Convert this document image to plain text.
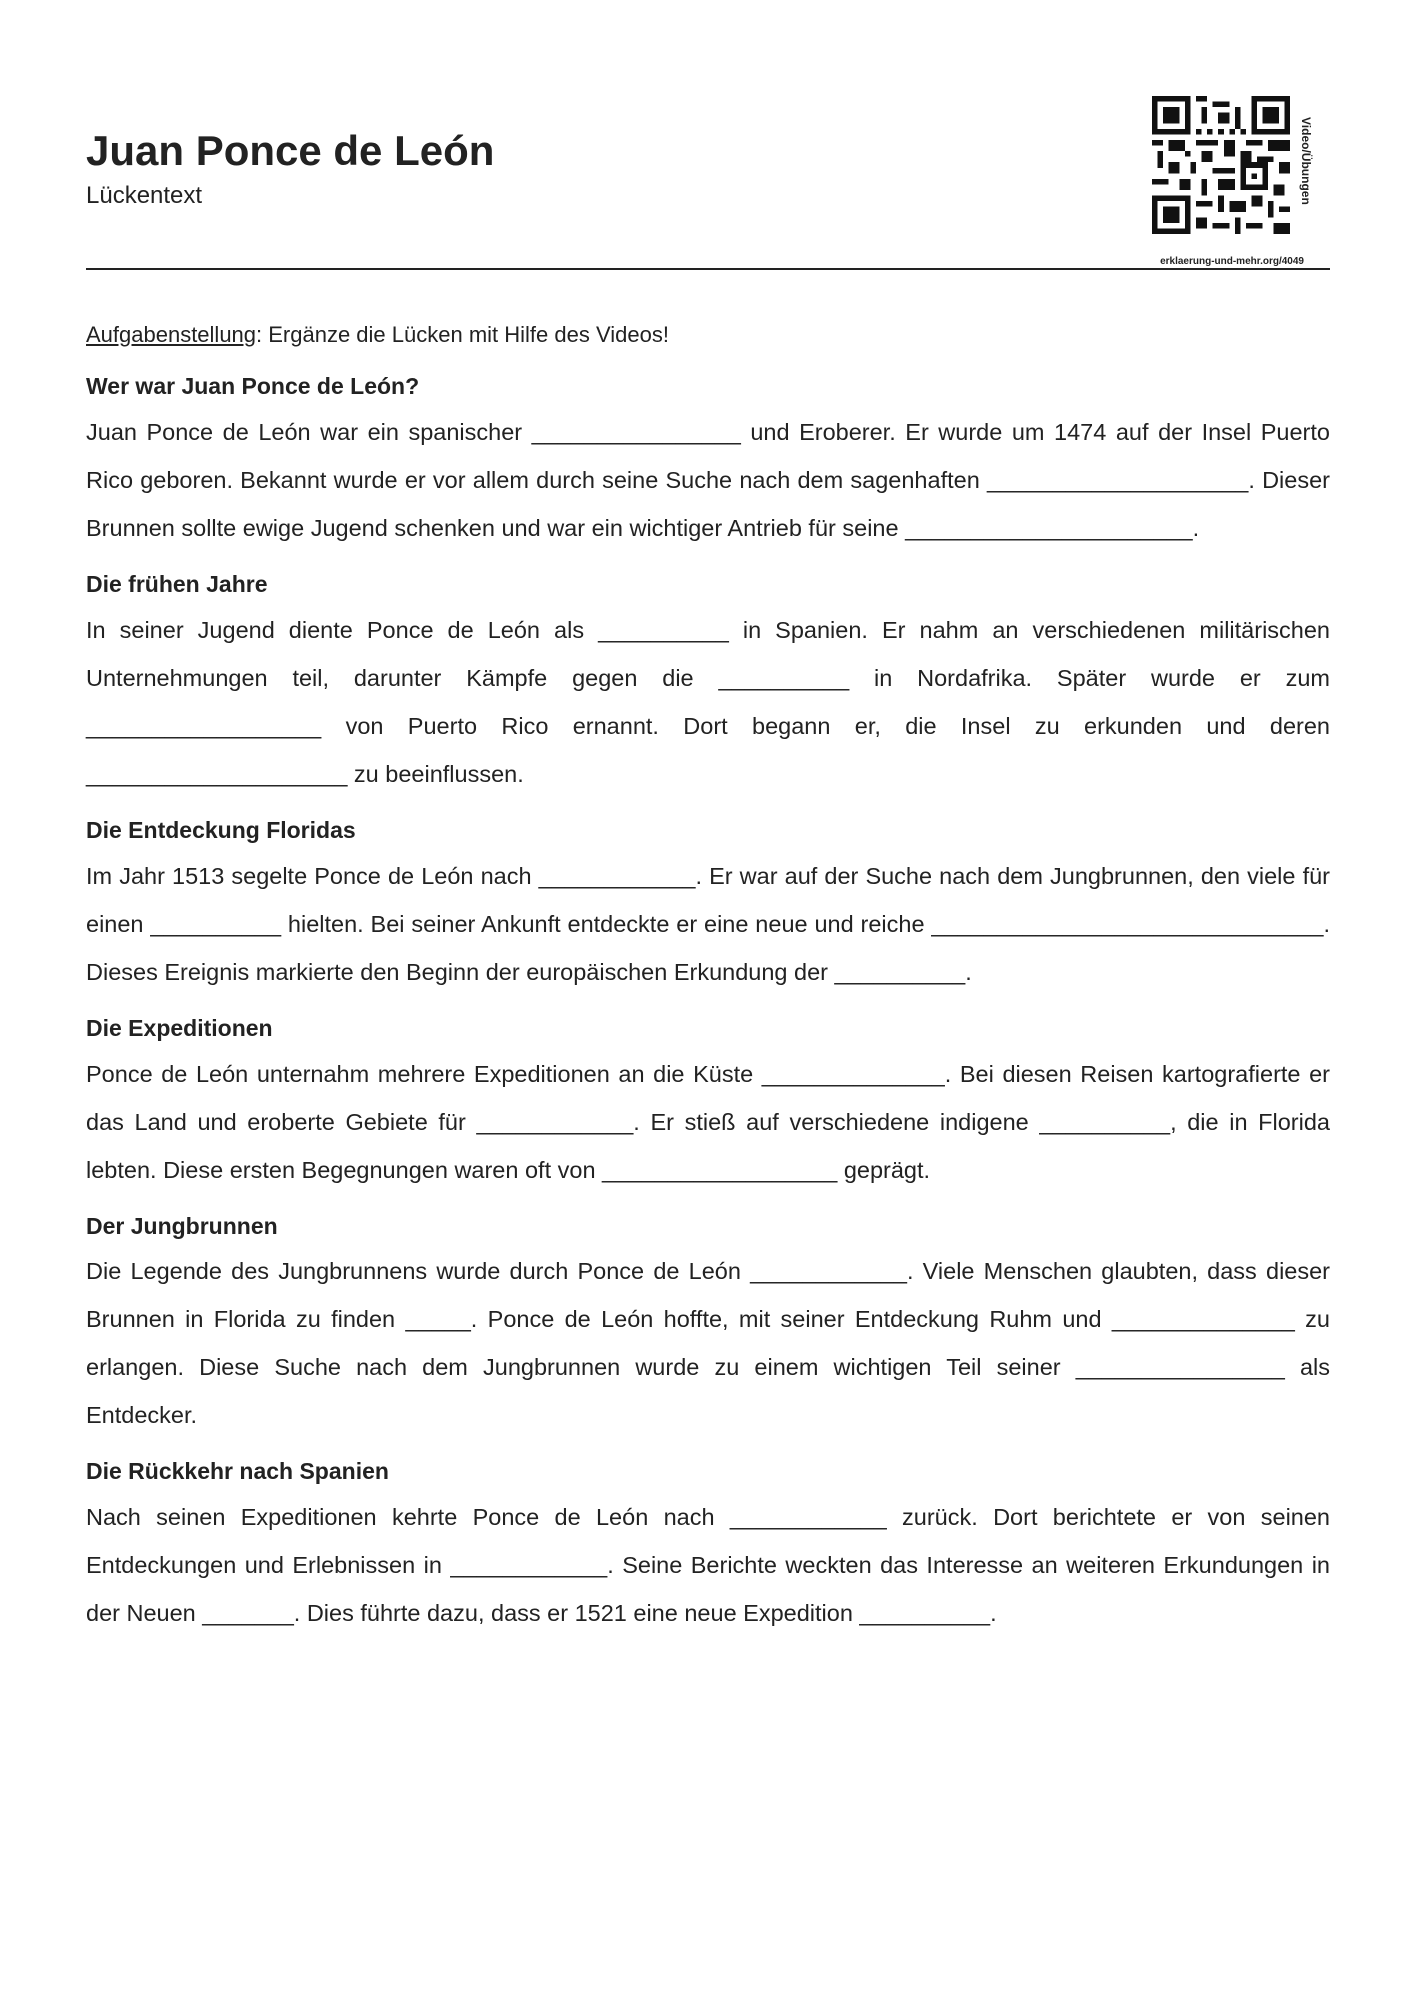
Juan Ponce de León
Lückentext	Video/Übungen
erklaerung-und-mehr.org/4049
Aufgabenstellung: Ergänze die Lücken mit Hilfe des Videos!
Wer war Juan Ponce de León?

Juan Ponce de León war ein spanischer ________________ und Eroberer. Er wurde um 1474 auf der Insel Puerto Rico geboren. Bekannt wurde er vor allem durch seine Suche nach dem sagenhaften ____________________. Dieser Brunnen sollte ewige Jugend schenken und war ein wichtiger Antrieb für seine ______________________.

Die frühen Jahre

In seiner Jugend diente Ponce de León als __________ in Spanien. Er nahm an verschiedenen militärischen Unternehmungen teil, darunter Kämpfe gegen die __________ in Nordafrika. Später wurde er zum __________________ von Puerto Rico ernannt. Dort begann er, die Insel zu erkunden und deren ____________________ zu beeinflussen.

Die Entdeckung Floridas

Im Jahr 1513 segelte Ponce de León nach ____________. Er war auf der Suche nach dem Jungbrunnen, den viele für einen __________ hielten. Bei seiner Ankunft entdeckte er eine neue und reiche ______________________________. Dieses Ereignis markierte den Beginn der europäischen Erkundung der __________.

Die Expeditionen

Ponce de León unternahm mehrere Expeditionen an die Küste ______________. Bei diesen Reisen kartografierte er das Land und eroberte Gebiete für ____________. Er stieß auf verschiedene indigene __________, die in Florida lebten. Diese ersten Begegnungen waren oft von __________________ geprägt.

Der Jungbrunnen

Die Legende des Jungbrunnens wurde durch Ponce de León ____________. Viele Menschen glaubten, dass dieser Brunnen in Florida zu finden _____. Ponce de León hoffte, mit seiner Entdeckung Ruhm und ______________ zu erlangen. Diese Suche nach dem Jungbrunnen wurde zu einem wichtigen Teil seiner ________________ als Entdecker.

Die Rückkehr nach Spanien

Nach seinen Expeditionen kehrte Ponce de León nach ____________ zurück. Dort berichtete er von seinen Entdeckungen und Erlebnissen in ____________. Seine Berichte weckten das Interesse an weiteren Erkundungen in der Neuen _______. Dies führte dazu, dass er 1521 eine neue Expedition __________.
